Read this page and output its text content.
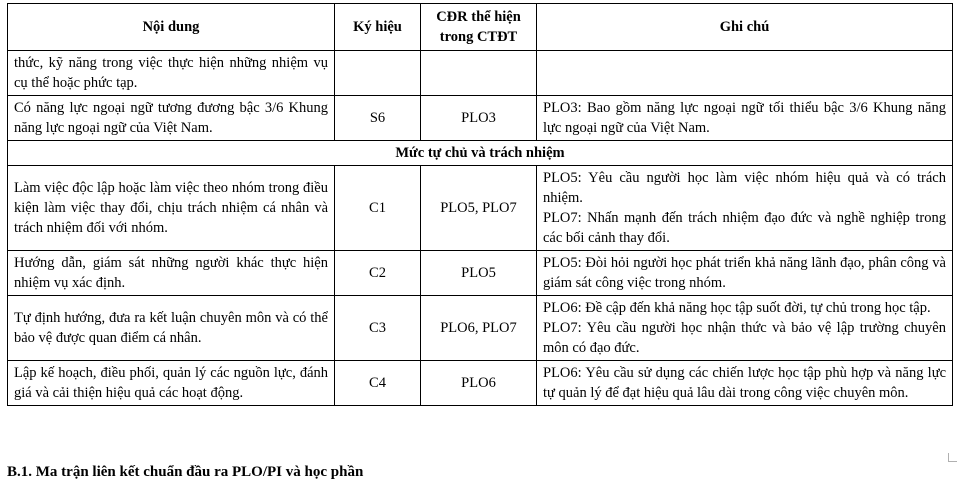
Nội dung	Ký hiệu	CĐR thể hiện trong CTĐT	Ghi chú
thức, kỹ năng trong việc thực hiện những nhiệm vụ cụ thể hoặc phức tạp.			

Có năng lực ngoại ngữ tương đương bậc 3/6 Khung năng lực ngoại ngữ của Việt Nam.	S6	PLO3	PLO3: Bao gồm năng lực ngoại ngữ tối thiểu bậc 3/6 Khung năng lực ngoại ngữ của Việt Nam.

Mức tự chủ và trách nhiệm			
Làm việc độc lập hoặc làm việc theo nhóm trong điều kiện làm việc thay đổi, chịu trách nhiệm cá nhân và trách nhiệm đối với nhóm.	C1	PLO5, PLO7	PLO5: Yêu cầu người học làm việc nhóm hiệu quả và có trách nhiệm.
PLO7: Nhấn mạnh đến trách nhiệm đạo đức và nghề nghiệp trong các bối cảnh thay đổi.

Hướng dẫn, giám sát những người khác thực hiện nhiệm vụ xác định.	C2	PLO5	PLO5: Đòi hỏi người học phát triển khả năng lãnh đạo, phân công và giám sát công việc trong nhóm.

Tự định hướng, đưa ra kết luận chuyên môn và có thể bảo vệ được quan điểm cá nhân.	C3	PLO6, PLO7	PLO6: Đề cập đến khả năng học tập suốt đời, tự chủ trong học tập.
PLO7: Yêu cầu người học nhận thức và bảo vệ lập trường chuyên môn có đạo đức.

Lập kế hoạch, điều phối, quản lý các nguồn lực, đánh giá và cải thiện hiệu quả các hoạt động.	C4	PLO6	PLO6: Yêu cầu sử dụng các chiến lược học tập phù hợp và năng lực tự quản lý để đạt hiệu quả lâu dài trong công việc chuyên môn.
B.1. Ma trận liên kết chuẩn đầu ra PLO/PI và học phần
